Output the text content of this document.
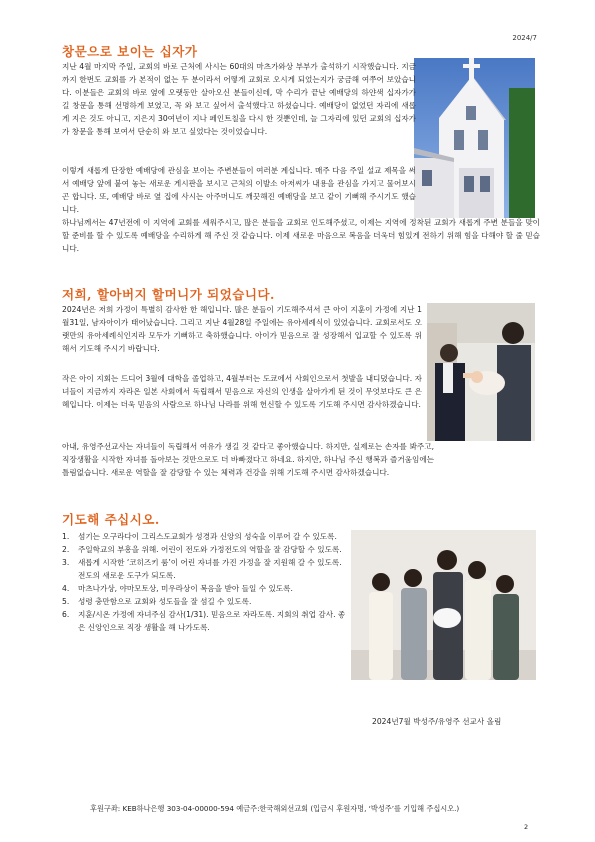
2024/7
창문으로 보이는 십자가

지난 4월 마지막 주일, 교회의 바로 근처에 사시는 60대의 마츠가와상 부부가 출석하기 시작했습니다. 지금까지 한번도 교회를 가 본적이 없는 두 분이라서 어떻게 교회로 오시게 되었는지가 궁금해 여쭈어 보았습니다. 이분들은 교회의 바로 옆에 오랫동안 살아오신 분들이신데, 막 수리가 끝난 예배당의 하얀색 십자가가 길 창문을 통해 선명하게 보였고, 꼭 와 보고 싶어서 출석했다고 하셨습니다. 예배당이 없었던 자리에 새롭게 지은 것도 아니고, 지은지 30여년이 지나 페인트칠을 다시 한 것뿐인데, 늘 그자리에 있던 교회의 십자가가 창문을 통해 보여서 단순히 와 보고 싶었다는 것이었습니다.

이렇게 새롭게 단장한 예배당에 관심을 보이는 주변분들이 여러분 계십니다. 매주 다음 주일 설교 제목을 써서 예배당 앞에 붙여 놓는 새로운 게시판을 보시고 근처의 이발소 아저씨가 내용을 관심을 가지고 물어보시곤 합니다. 또, 예배당 바로 옆 집에 사시는 아주머니도 깨끗해진 예배당을 보고 같이 기뻐해 주시기도 했습니다.

하나님께서는 47년전에 이 지역에 교회를 세워주시고, 많은 분들을 교회로 인도해주셨고, 이제는 지역에 정착된 교회가 새롭게 주변 분들을 맞이할 준비를 할 수 있도록 예배당을 수리하게 해 주신 것 같습니다. 이제 새로운 마음으로 복음을 더욱더 힘있게 전하기 위해 힘을 다해야 할 줄 믿습니다.

저희, 할아버지 할머니가 되었습니다.

2024년은 저희 가정이 특별히 감사한 한 해입니다. 많은 분들이 기도해주셔서 큰 아이 지훈이 가정에 지난 1월31일, 남자아이가 태어났습니다. 그리고 지난 4월28일 주일에는 유아세례식이 있었습니다. 교회로서도 오랫만의 유아세례식인지라 모두가 기뻐하고 축하했습니다. 아이가 믿음으로 잘 성장해서 입교할 수 있도록 위해서 기도해 주시기 바랍니다.

작은 아이 지회는 드디어 3월에 대학을 졸업하고, 4월부터는 도쿄에서 사회인으로서 첫발을 내디뎠습니다. 자녀들이 지금까지 자라온 일본 사회에서 독립해서 믿음으로 자신의 인생을 살아가게 된 것이 무엇보다도 큰 은혜입니다. 이제는 더욱 믿음의 사람으로 하나님 나라를 위해 헌신할 수 있도록 기도해 주시면 감사하겠습니다.

아내, 유영주선교사는 자녀들이 독립해서 여유가 생길 것 같다고 좋아했습니다. 하지만, 실제로는 손자를 봐주고, 직장생활을 시작한 자녀를 돌아보는 것만으로도 더 바빠졌다고 하네요. 하지만, 하나님 주신 행복과 즐거움임에는 틀림없습니다. 새로운 역할을 잘 감당할 수 있는 체력과 건강을 위해 기도해 주시면 감사하겠습니다.

기도해 주십시오.
1. 섬기는 오구라다이 그리스도교회가 성경과 신앙의 성숙을 이루어 갈 수 있도록.
2. 주일학교의 부흥을 위해. 어린이 전도와 가정전도의 역할을 잘 감당할 수 있도록.
3. 새롭게 시작한 ‘코히즈키 룸’이 어린 자녀를 가진 가정을 잘 지원해 갈 수 있도록. 전도의 새로운 도구가 되도록.
4. 마츠나가상, 야마모토상, 미우라상이 복음을 받아 들일 수 있도록.
5. 성령 충만함으로 교회와 성도들을 잘 섬길 수 있도록.
6. 지훈/시온 가정에 자녀주심 감사(1/31). 믿음으로 자라도록. 지회의 취업 감사. 좋은 신앙인으로 직장 생활을 해 나가도록.
2024년7월 박성주/유영주 선교사 올림
후원구좌: KEB하나은행 303-04-00000-594 예금주:한국해외선교회 (입금시 후원자명, ‘박성주’를 기입해 주십시오.)
2
